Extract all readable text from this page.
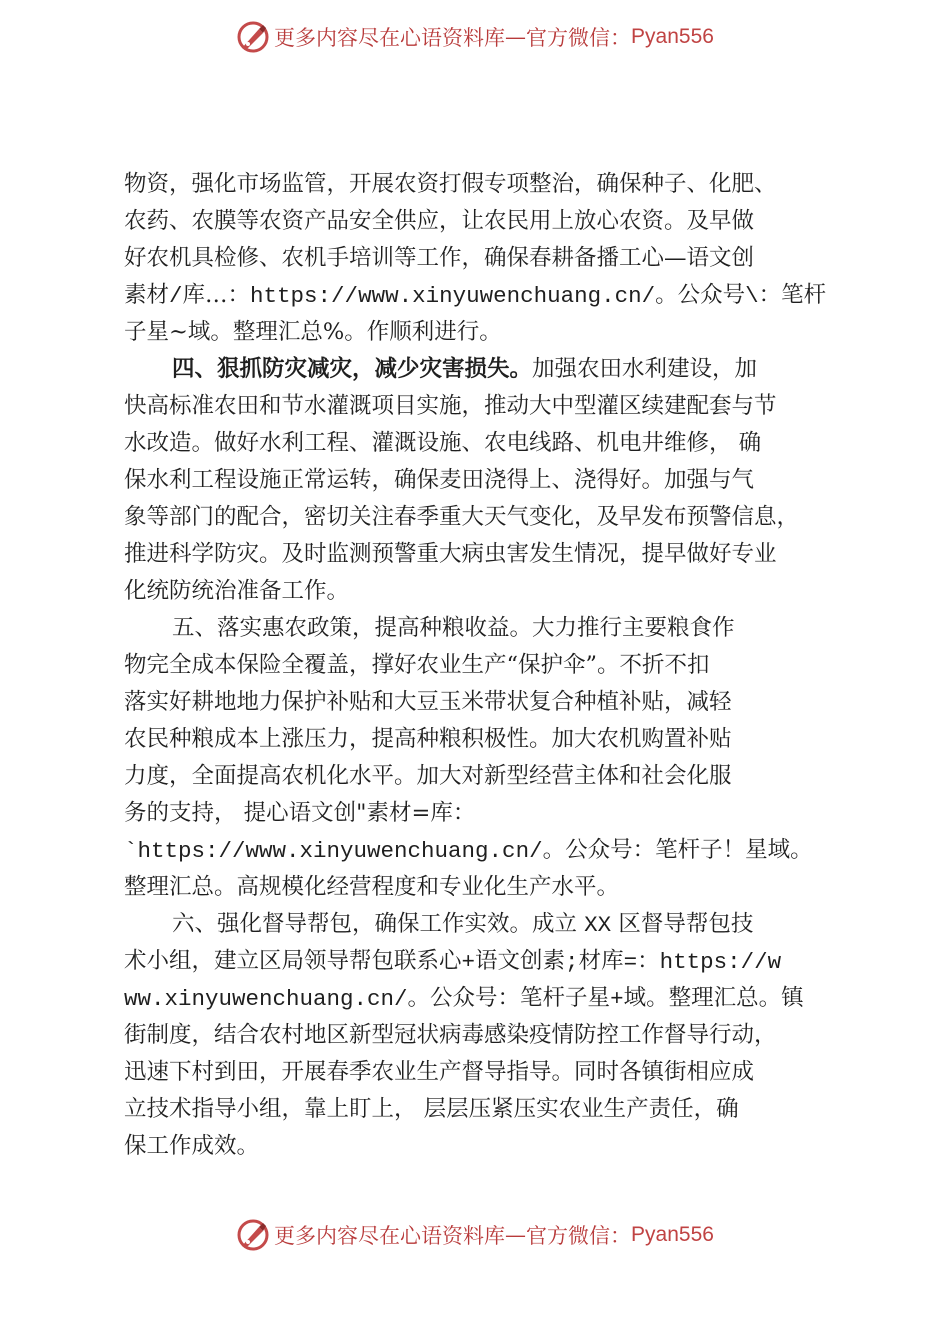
更多内容尽在心语资料库 — 官方微信： Pyan556
物资，强化市场监管，开展农资打假专项整治，确保种子、化肥、
农药、农膜等农资产品安全供应，让农民用上放心农资。及早做
好农机具检修、农机手培训等工作，确保春耕备播工心—语文创
素材/库…：https://www.xinyuwenchuang.cn/。公众号\：笔杆
子星~域。整理汇总%。作顺利进行。
四、狠抓防灾减灾，减少灾害损失。加强农田水利建设，加
快高标准农田和节水灌溉项目实施，推动大中型灌区续建配套与节
水改造。做好水利工程、灌溉设施、农电线路、机电井维修， 确
保水利工程设施正常运转，确保麦田浇得上、浇得好。加强与气
象等部门的配合，密切关注春季重大天气变化，及早发布预警信息，
推进科学防灾。及时监测预警重大病虫害发生情况，提早做好专业
化统防统治准备工作。
五、落实惠农政策，提高种粮收益。大力推行主要粮食作
物完全成本保险全覆盖，撑好农业生产“保护伞”。不折不扣
落实好耕地地力保护补贴和大豆玉米带状复合种植补贴，减轻
农民种粮成本上涨压力，提高种粮积极性。加大农机购置补贴
力度，全面提高农机化水平。加大对新型经营主体和社会化服
务的支持， 提心语文创"素材=库：
`https://www.xinyuwenchuang.cn/。公众号：笔杆子！星域。
整理汇总。高规模化经营程度和专业化生产水平。
六、强化督导帮包，确保工作实效。成立 XX 区督导帮包技
术小组，建立区局领导帮包联系心+语文创素;材库=：https://w
ww.xinyuwenchuang.cn/。公众号：笔杆子星+域。整理汇总。镇
街制度，结合农村地区新型冠状病毒感染疫情防控工作督导行动，
迅速下村到田，开展春季农业生产督导指导。同时各镇街相应成
立技术指导小组，靠上盯上， 层层压紧压实农业生产责任，确
保工作成效。
更多内容尽在心语资料库 — 官方微信： Pyan556
